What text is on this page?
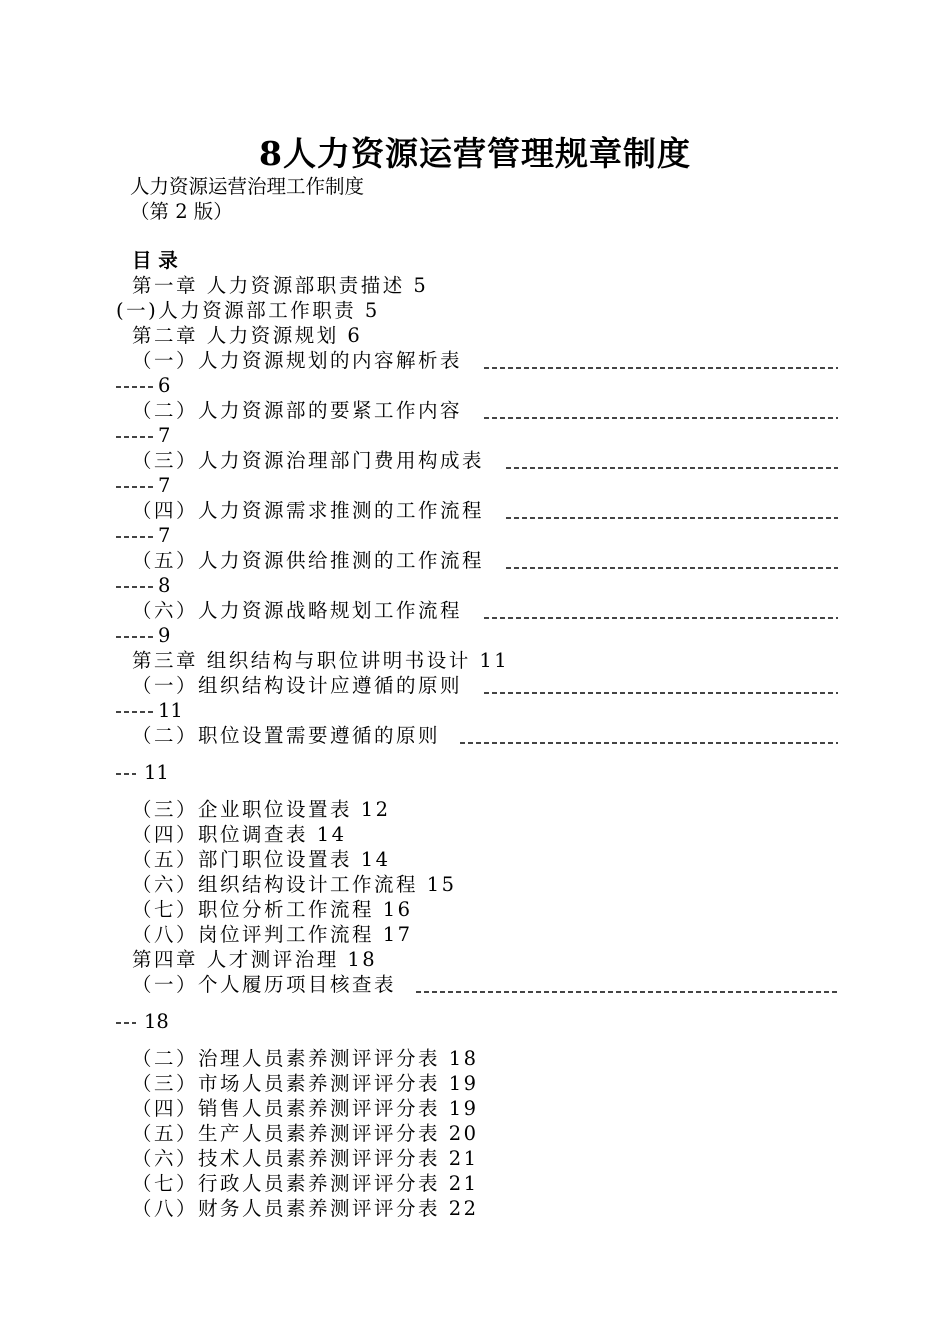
8人力资源运营管理规章制度
人力资源运营治理工作制度
（第 2 版）
目 录
第一章 人力资源部职责描述 5
(一)人力资源部工作职责 5
第二章 人力资源规划 6
（一）人力资源规划的内容解析表
6
（二）人力资源部的要紧工作内容
7
（三）人力资源治理部门费用构成表
7
（四）人力资源需求推测的工作流程
7
（五）人力资源供给推测的工作流程
8
（六）人力资源战略规划工作流程
9
第三章 组织结构与职位讲明书设计 11
（一）组织结构设计应遵循的原则
11
（二）职位设置需要遵循的原则
11
（三）企业职位设置表 12
（四）职位调查表 14
（五）部门职位设置表 14
（六）组织结构设计工作流程 15
（七）职位分析工作流程 16
（八）岗位评判工作流程 17
第四章 人才测评治理 18
（一）个人履历项目核查表
18
（二）治理人员素养测评评分表 18
（三）市场人员素养测评评分表 19
（四）销售人员素养测评评分表 19
（五）生产人员素养测评评分表 20
（六）技术人员素养测评评分表 21
（七）行政人员素养测评评分表 21
（八）财务人员素养测评评分表 22
